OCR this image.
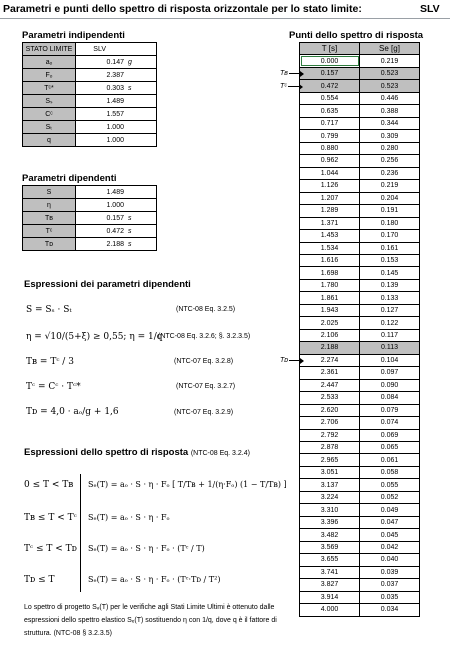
Parametri e punti dello spettro di risposta orizzontale per lo stato limite:	SLV
Parametri indipendenti
STATO LIMITE	SLV
aₒ	0.147 g
Fₒ	2.387
Tᶜ*	0.303 s
Sₛ	1.489
Cᶜ	1.557
Sₜ	1.000
q	1.000
Parametri dipendenti
S	1.489
η	1.000
Tʙ	0.157 s
Tᶜ	0.472 s
Tᴅ	2.188 s
Espressioni dei parametri dipendenti
S = Sₛ · Sₜ	(NTC-08 Eq. 3.2.5)
η = √10/(5+ξ) ≥ 0,55; η = 1/q
(NTC-08 Eq. 3.2.6; §. 3.2.3.5)
Tʙ = Tᶜ / 3	(NTC-07 Eq. 3.2.8)
Tᶜ = Cᶜ · Tᶜ*	(NTC-07 Eq. 3.2.7)
Tᴅ = 4,0 · aₒ/g + 1,6	(NTC-07 Eq. 3.2.9)
Espressioni dello spettro di risposta (NTC-08 Eq. 3.2.4)
0 ≤ T < Tʙ Sₑ(T) = aₒ · S · η · Fₒ [ T/Tʙ + 1/(η·Fₒ) (1 − T/Tʙ) ]
Tʙ ≤ T < Tᶜ Sₑ(T) = aₒ · S · η · Fₒ
Tᶜ ≤ T < Tᴅ Sₑ(T) = aₒ · S · η · Fₒ · (Tᶜ / T)
Tᴅ ≤ T	Sₑ(T) = aₒ · S · η · Fₒ · (Tᶜ·Tᴅ / T²)
Lo spettro di progetto Sₔ(T) per le verifiche agli Stati Limite Ultimi è ottenuto dalle espressioni dello spettro elastico Sₑ(T) sostituendo η con 1/q, dove q è il fattore di struttura. (NTC-08 § 3.2.3.5)
Punti dello spettro di risposta
T [s]	Se [g]
0.000	0.219
0.157	0.523
0.472	0.523
0.554	0.446
0.635	0.388
0.717	0.344
0.799	0.309
0.880	0.280
0.962	0.256
1.044	0.236
1.126	0.219
1.207	0.204
1.289	0.191
1.371	0.180
1.453	0.170
1.534	0.161
1.616	0.153
1.698	0.145
1.780	0.139
1.861	0.133
1.943	0.127
2.025	0.122
2.106	0.117
2.188	0.113
2.274	0.104
2.361	0.097
2.447	0.090
2.533	0.084
2.620	0.079
2.706	0.074
2.792	0.069
2.878	0.065
2.965	0.061
3.051	0.058
3.137	0.055
3.224	0.052
3.310	0.049
3.396	0.047
3.482	0.045
3.569	0.042
3.655	0.040
3.741	0.039
3.827	0.037
3.914	0.035
4.000	0.034
Tʙ
Tᶜ
Tᴅ
